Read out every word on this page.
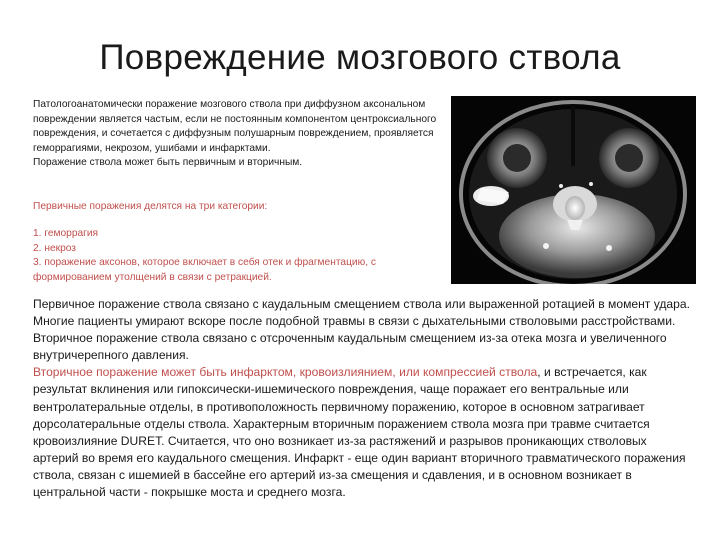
Повреждение мозгового ствола

Патологоанатомически поражение мозгового ствола при диффузном аксональном повреждении является частым, если не постоянным компонентом центроксиального повреждения, и сочетается с диффузным полушарным повреждением, проявляется геморрагиями, некрозом, ушибами и инфарктами.

Поражение ствола может быть первичным и вторичным.

Первичные поражения делятся на три категории:
1. геморрагия
2. некроз
3. поражение аксонов, которое включает в себя отек и фрагментацию, с формированием утолщений в связи с ретракцией.

Первичное поражение ствола связано с каудальным смещением ствола или выраженной ротацией в момент удара. Многие пациенты умирают вскоре после подобной травмы в связи с дыхательными стволовыми расстройствами. Вторичное поражение ствола связано с отсроченным каудальным смещением из-за отека мозга и увеличенного внутричерепного давления.

Вторичное поражение может быть инфарктом, кровоизлиянием, или компрессией ствола, и встречается, как результат вклинения или гипоксически-ишемического повреждения, чаще поражает его вентральные или вентролатеральные отделы, в противоположность первичному поражению, которое в основном затрагивает дорсолатеральные отделы ствола. Характерным вторичным поражением ствола мозга при травме считается кровоизлияние DURET. Считается, что оно возникает из-за растяжений и разрывов проникающих стволовых артерий во время его каудального смещения. Инфаркт - еще один вариант вторичного травматического поражения ствола, связан с ишемией в бассейне его артерий из-за смещения и сдавления, и в основном возникает в центральной части - покрышке моста и среднего мозга.
